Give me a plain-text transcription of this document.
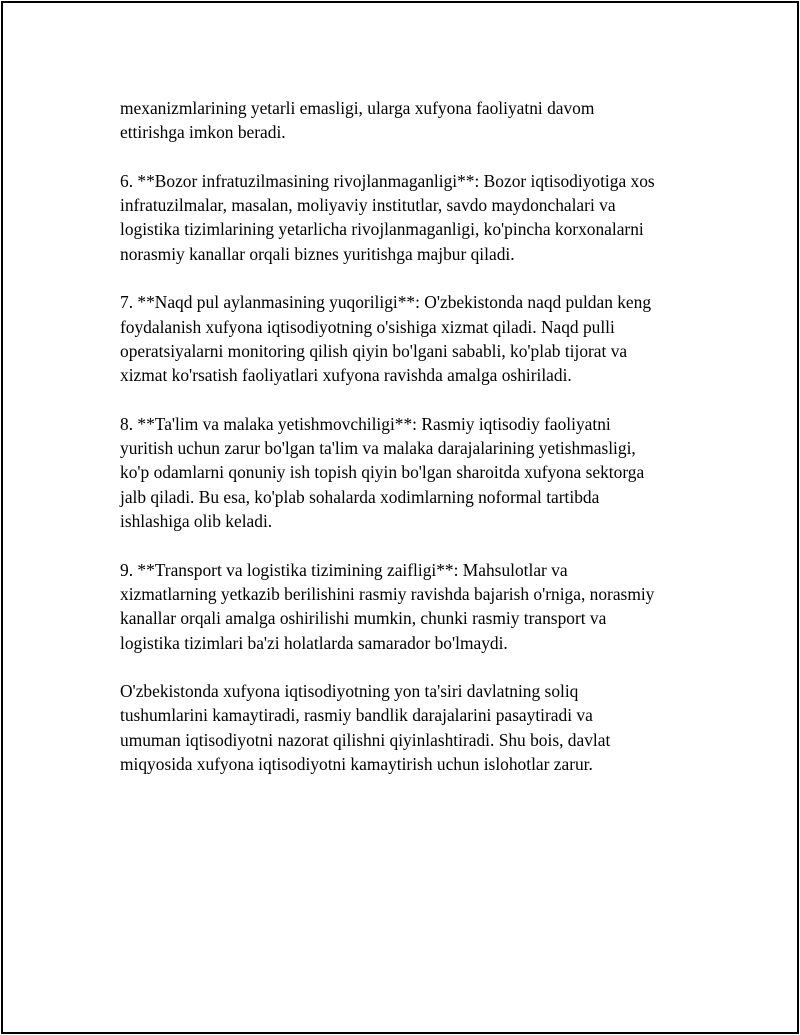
mexanizmlarining yetarli emasligi, ularga xufyona faoliyatni davom
ettirishga imkon beradi.

6. **Bozor infratuzilmasining rivojlanmaganligi**: Bozor iqtisodiyotiga xos
infratuzilmalar, masalan, moliyaviy institutlar, savdo maydonchalari va
logistika tizimlarining yetarlicha rivojlanmaganligi, ko'pincha korxonalarni
norasmiy kanallar orqali biznes yuritishga majbur qiladi.

7. **Naqd pul aylanmasining yuqoriligi**: O'zbekistonda naqd puldan keng
foydalanish xufyona iqtisodiyotning o'sishiga xizmat qiladi. Naqd pulli
operatsiyalarni monitoring qilish qiyin bo'lgani sababli, ko'plab tijorat va
xizmat ko'rsatish faoliyatlari xufyona ravishda amalga oshiriladi.

8. **Ta'lim va malaka yetishmovchiligi**: Rasmiy iqtisodiy faoliyatni
yuritish uchun zarur bo'lgan ta'lim va malaka darajalarining yetishmasligi,
ko'p odamlarni qonuniy ish topish qiyin bo'lgan sharoitda xufyona sektorga
jalb qiladi. Bu esa, ko'plab sohalarda xodimlarning noformal tartibda
ishlashiga olib keladi.

9. **Transport va logistika tizimining zaifligi**: Mahsulotlar va
xizmatlarning yetkazib berilishini rasmiy ravishda bajarish o'rniga, norasmiy
kanallar orqali amalga oshirilishi mumkin, chunki rasmiy transport va
logistika tizimlari ba'zi holatlarda samarador bo'lmaydi.

O'zbekistonda xufyona iqtisodiyotning yon ta'siri davlatning soliq
tushumlarini kamaytiradi, rasmiy bandlik darajalarini pasaytiradi va
umuman iqtisodiyotni nazorat qilishni qiyinlashtiradi. Shu bois, davlat
miqyosida xufyona iqtisodiyotni kamaytirish uchun islohotlar zarur.
